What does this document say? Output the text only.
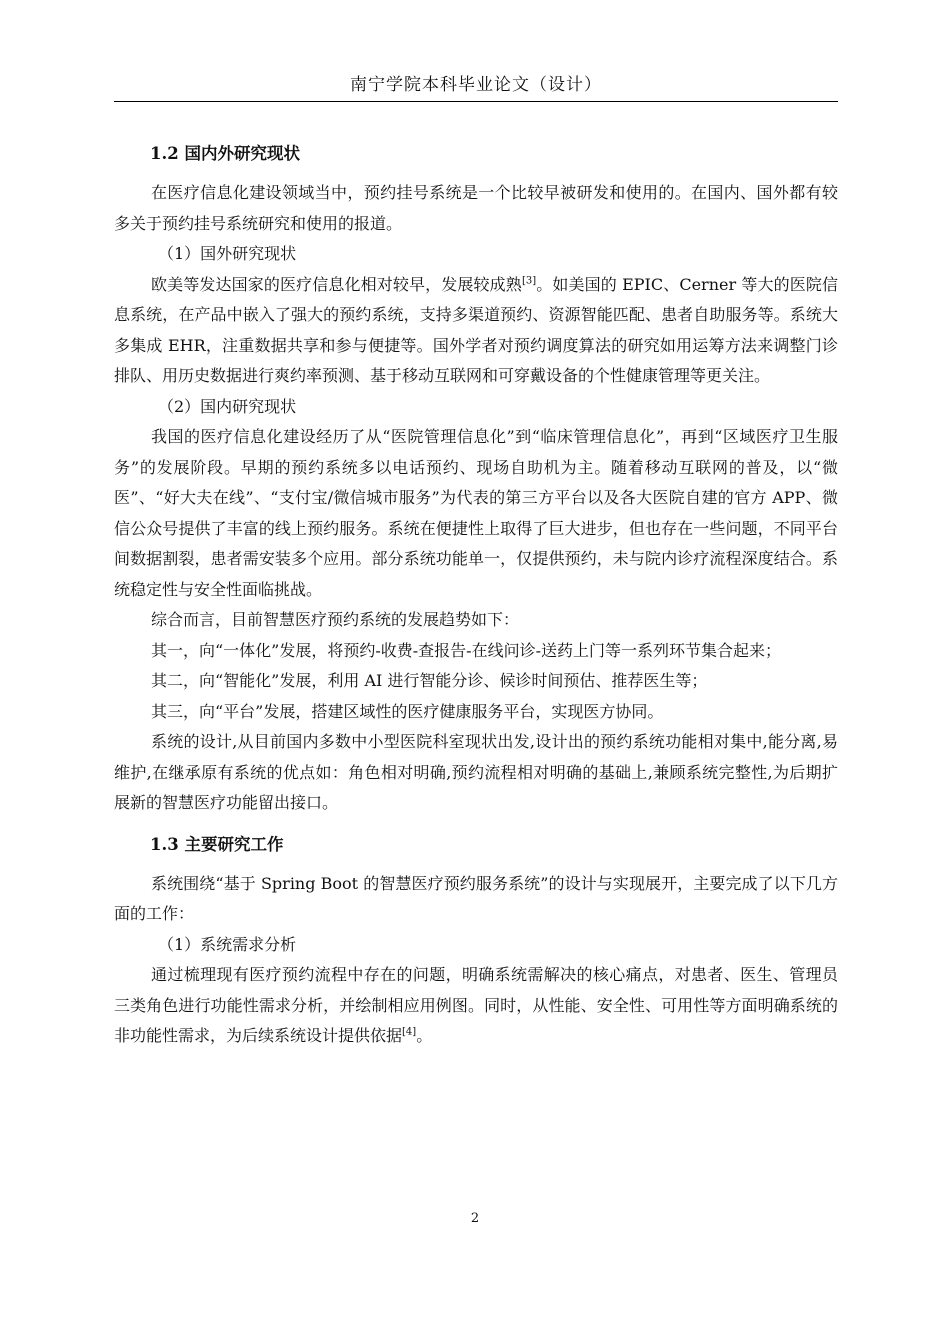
南宁学院本科毕业论文（设计）
1.2 国内外研究现状

在医疗信息化建设领域当中，预约挂号系统是一个比较早被研发和使用的。在国内、国外都有较多关于预约挂号系统研究和使用的报道。

（1）国外研究现状

欧美等发达国家的医疗信息化相对较早，发展较成熟[3]。如美国的 EPIC、Cerner 等大的医院信息系统，在产品中嵌入了强大的预约系统，支持多渠道预约、资源智能匹配、患者自助服务等。系统大多集成 EHR，注重数据共享和参与便捷等。国外学者对预约调度算法的研究如用运筹方法来调整门诊排队、用历史数据进行爽约率预测、基于移动互联网和可穿戴设备的个性健康管理等更关注。

（2）国内研究现状

我国的医疗信息化建设经历了从“医院管理信息化”到“临床管理信息化”，再到“区域医疗卫生服务”的发展阶段。早期的预约系统多以电话预约、现场自助机为主。随着移动互联网的普及，以“微医”、“好大夫在线”、“支付宝/微信城市服务”为代表的第三方平台以及各大医院自建的官方 APP、微信公众号提供了丰富的线上预约服务。系统在便捷性上取得了巨大进步，但也存在一些问题，不同平台间数据割裂，患者需安装多个应用。部分系统功能单一，仅提供预约，未与院内诊疗流程深度结合。系统稳定性与安全性面临挑战。

综合而言，目前智慧医疗预约系统的发展趋势如下：

其一，向“一体化”发展，将预约-收费-查报告-在线问诊-送药上门等一系列环节集合起来；

其二，向“智能化”发展，利用 AI 进行智能分诊、候诊时间预估、推荐医生等；

其三，向“平台”发展，搭建区域性的医疗健康服务平台，实现医方协同。

系统的设计,从目前国内多数中小型医院科室现状出发,设计出的预约系统功能相对集中,能分离,易维护,在继承原有系统的优点如：角色相对明确,预约流程相对明确的基础上,兼顾系统完整性,为后期扩展新的智慧医疗功能留出接口。

1.3 主要研究工作

系统围绕“基于 Spring Boot 的智慧医疗预约服务系统”的设计与实现展开，主要完成了以下几方面的工作：

（1）系统需求分析

通过梳理现有医疗预约流程中存在的问题，明确系统需解决的核心痛点，对患者、医生、管理员三类角色进行功能性需求分析，并绘制相应用例图。同时，从性能、安全性、可用性等方面明确系统的非功能性需求，为后续系统设计提供依据[4]。

2
